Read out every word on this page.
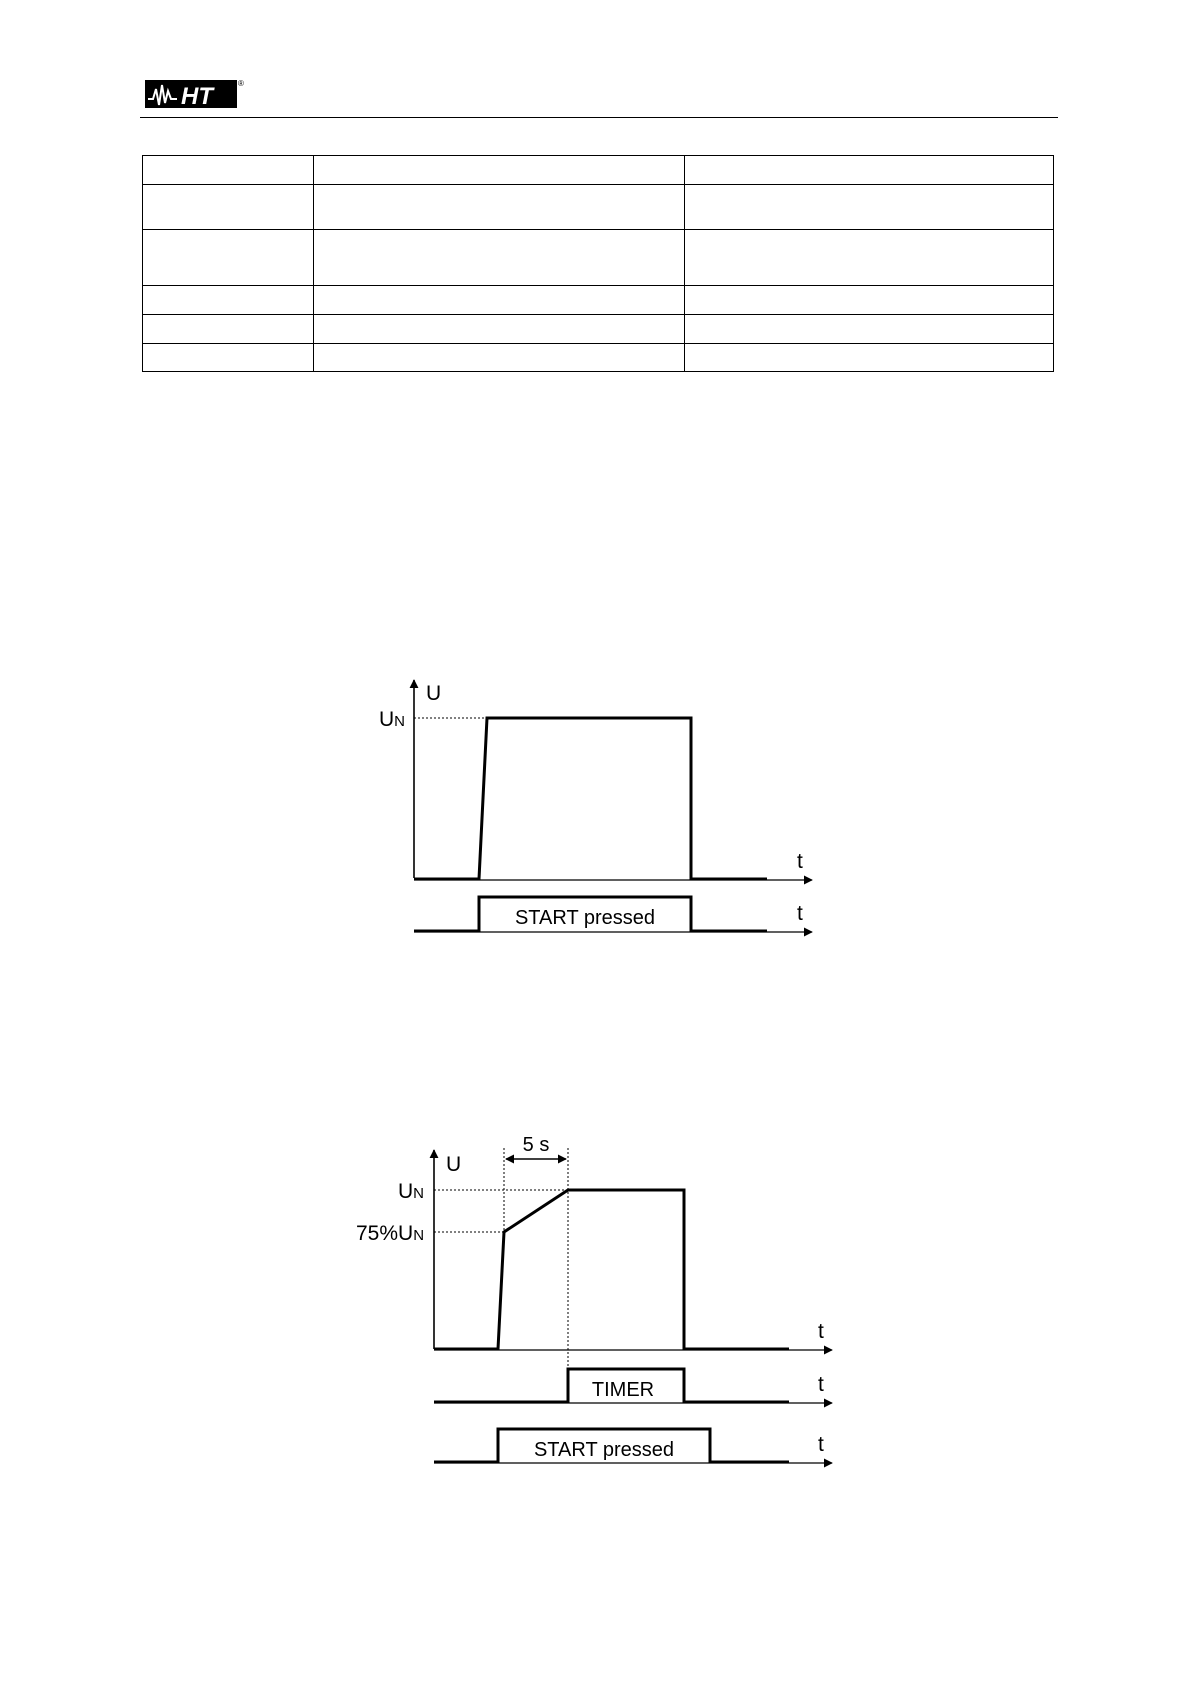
HT	®

U
UN
t
t
START pressed
U
5 s
UN
75%UN
t
t
TIMER
t
START pressed
